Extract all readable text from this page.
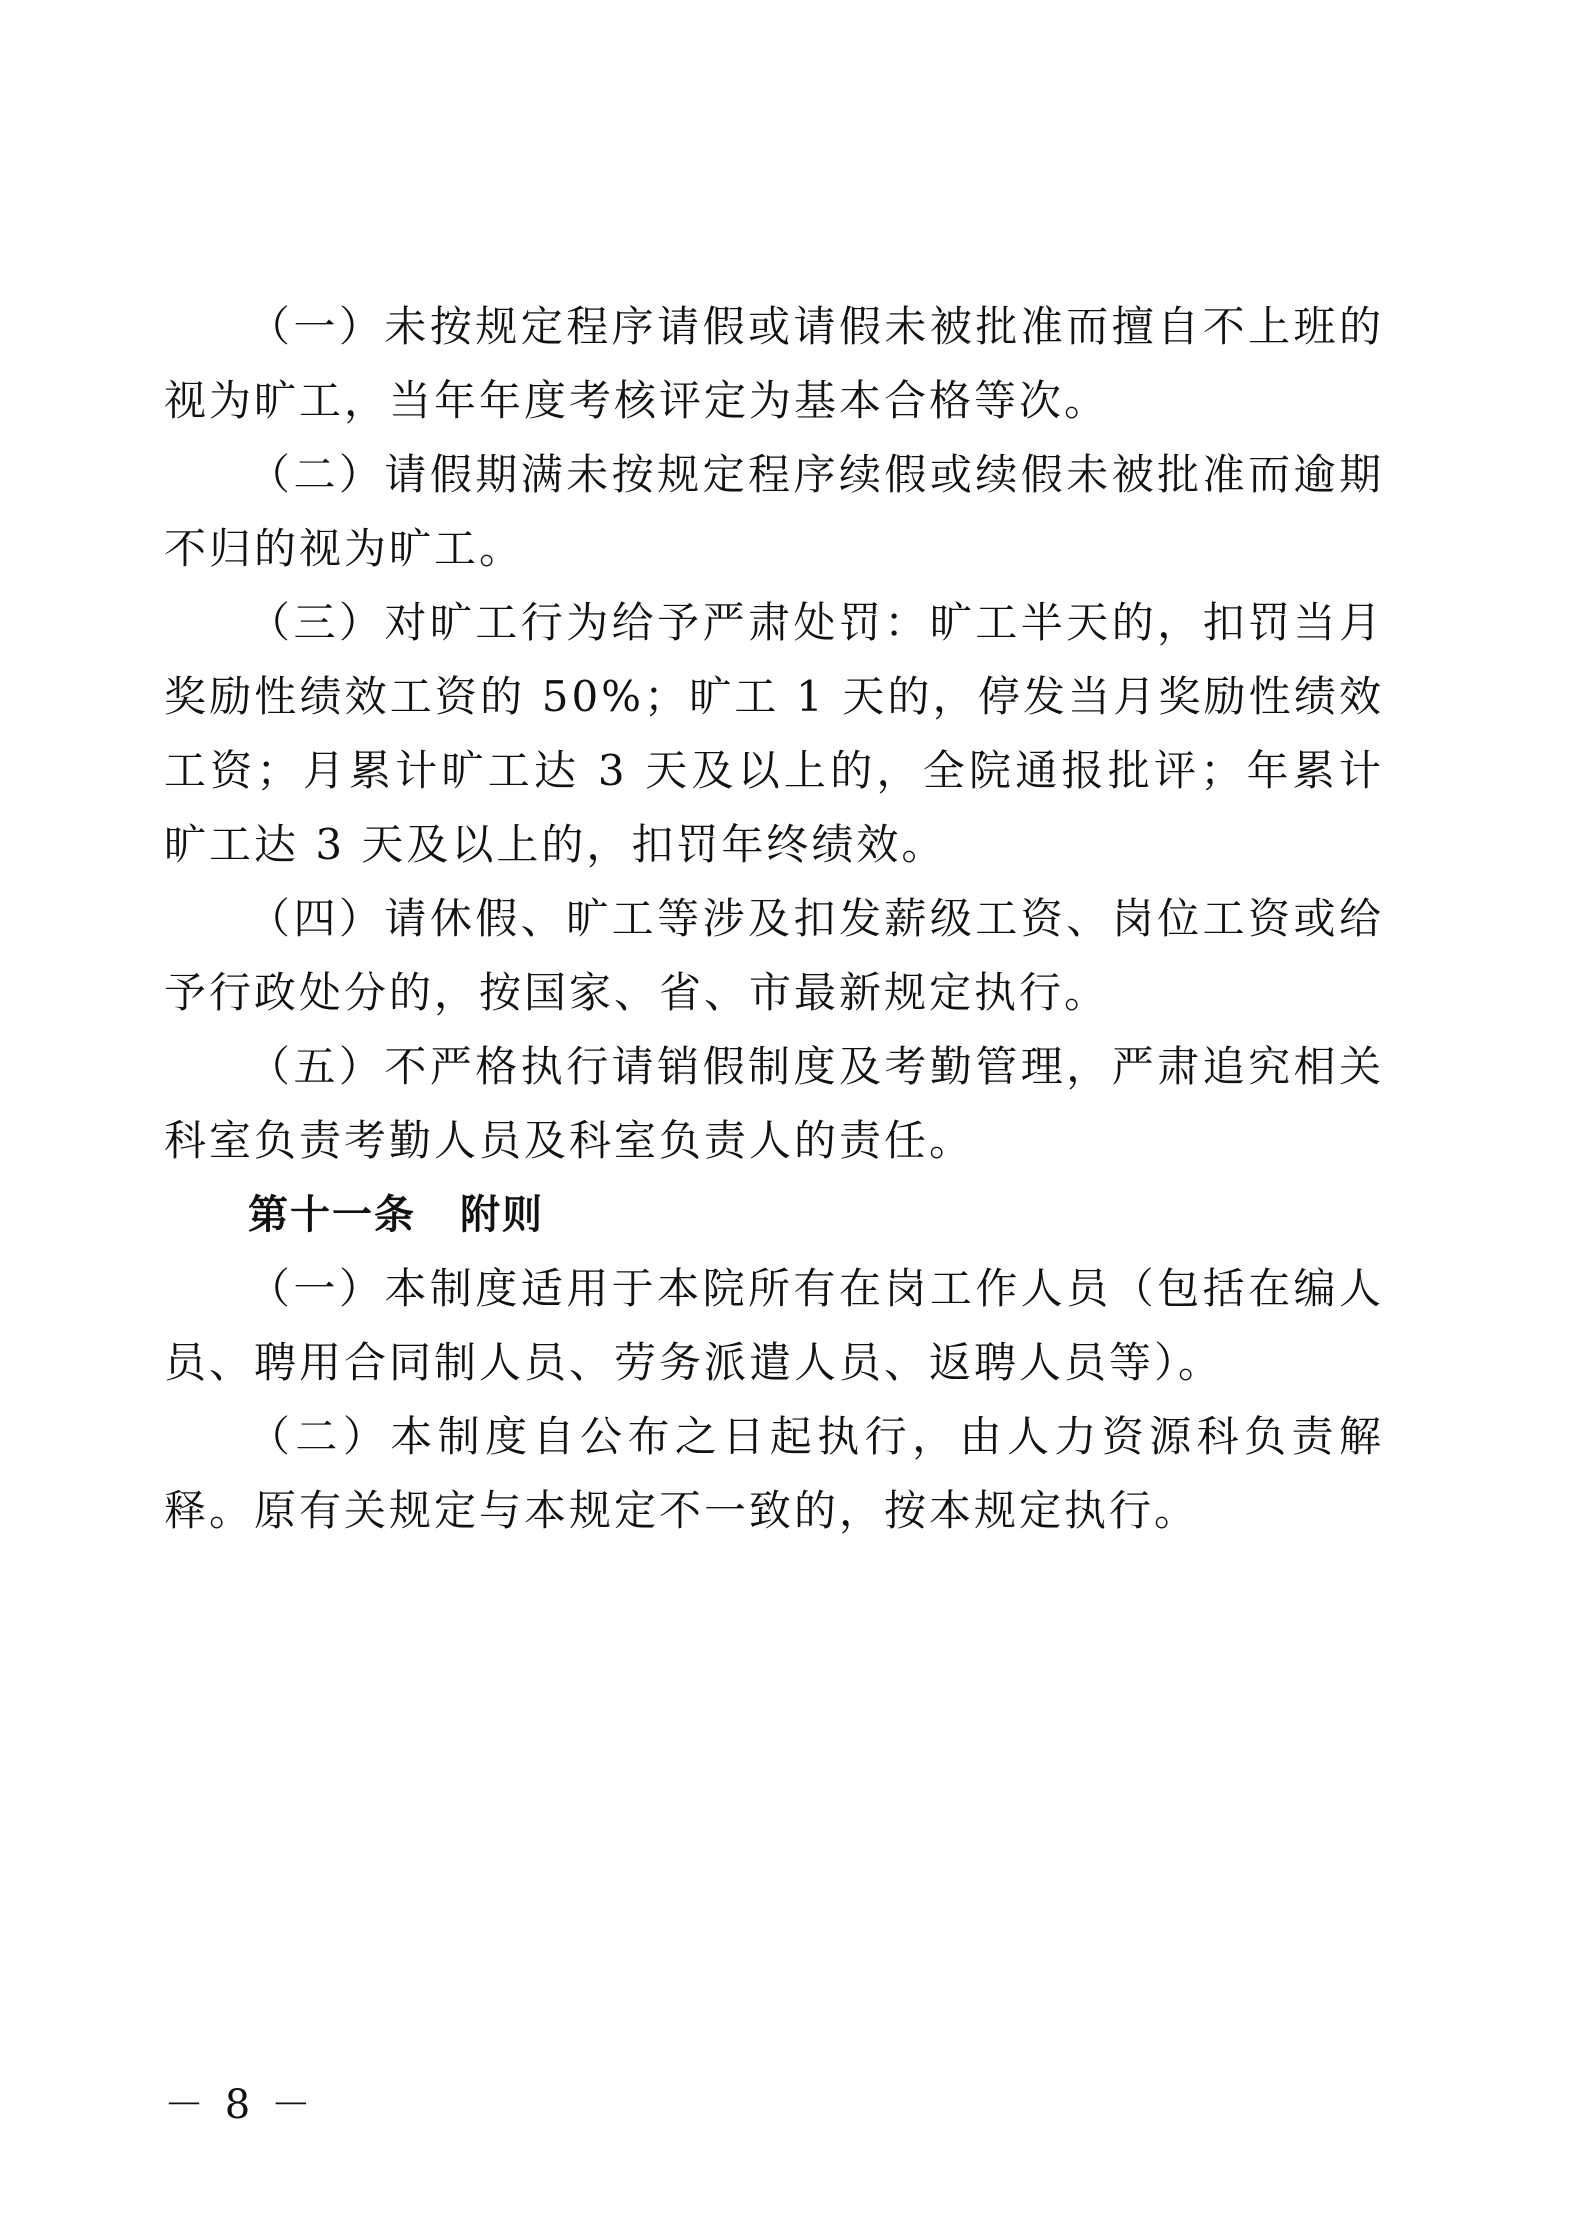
（一）未按规定程序请假或请假未被批准而擅自不上班的视为旷工，当年年度考核评定为基本合格等次。

（二）请假期满未按规定程序续假或续假未被批准而逾期不归的视为旷工。

（三）对旷工行为给予严肃处罚：旷工半天的，扣罚当月奖励性绩效工资的 50%；旷工 1 天的，停发当月奖励性绩效工资；月累计旷工达 3 天及以上的，全院通报批评；年累计旷工达 3 天及以上的，扣罚年终绩效。

（四）请休假、旷工等涉及扣发薪级工资、岗位工资或给予行政处分的，按国家、省、市最新规定执行。

（五）不严格执行请销假制度及考勤管理，严肃追究相关科室负责考勤人员及科室负责人的责任。

第十一条 附则

（一）本制度适用于本院所有在岗工作人员（包括在编人员、聘用合同制人员、劳务派遣人员、返聘人员等）。

（二）本制度自公布之日起执行，由人力资源科负责解释。原有关规定与本规定不一致的，按本规定执行。

－ 8 －
